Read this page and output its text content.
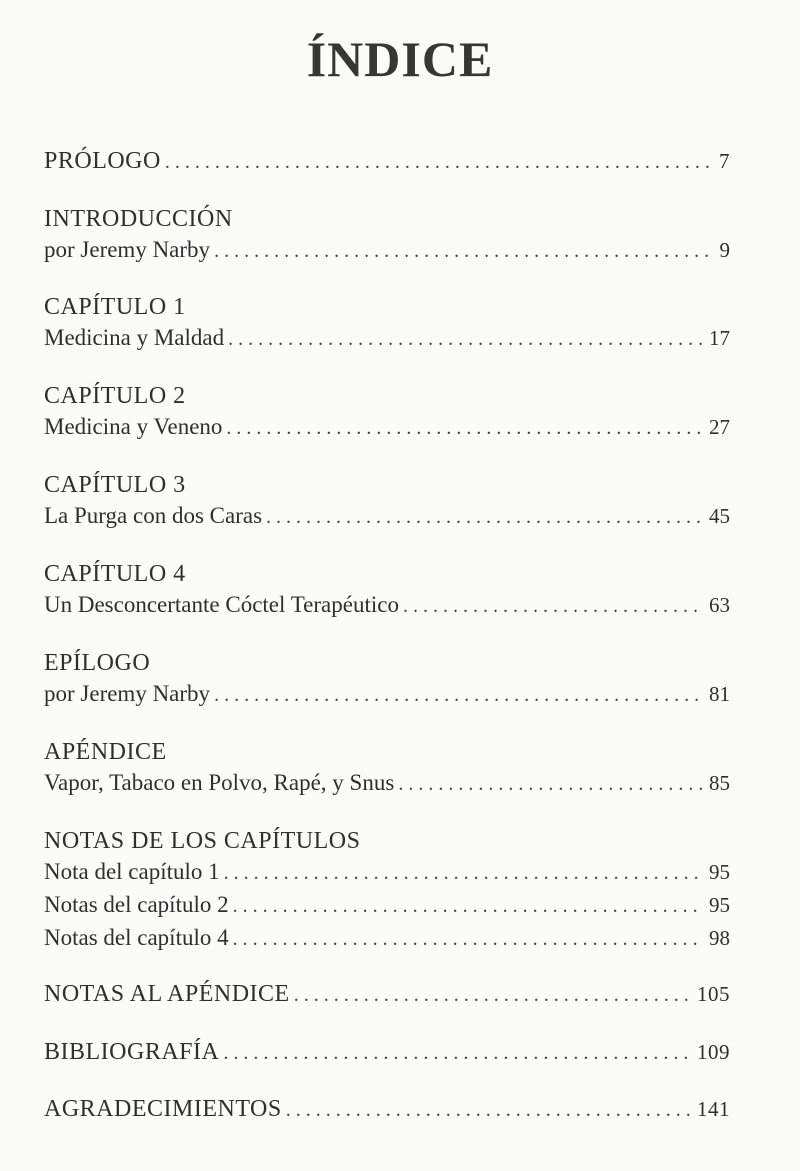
ÍNDICE
PRÓLOGO . . .	7
INTRODUCCIÓN
por Jeremy Narby . . .	9
CAPÍTULO 1
Medicina y Maldad . . .	17
CAPÍTULO 2
Medicina y Veneno . . .	27
CAPÍTULO 3
La Purga con dos Caras . . .	45
CAPÍTULO 4
Un Desconcertante Cóctel Terapéutico . . .	63
EPÍLOGO
por Jeremy Narby . . .	81
APÉNDICE
Vapor, Tabaco en Polvo, Rapé, y Snus . . .	85
NOTAS DE LOS CAPÍTULOS
Nota del capítulo 1 . . .	95
Notas del capítulo 2 . . .	95
Notas del capítulo 4 . . .	98
NOTAS AL APÉNDICE . . .	105
BIBLIOGRAFÍA . . .	109
AGRADECIMIENTOS . . .	141
